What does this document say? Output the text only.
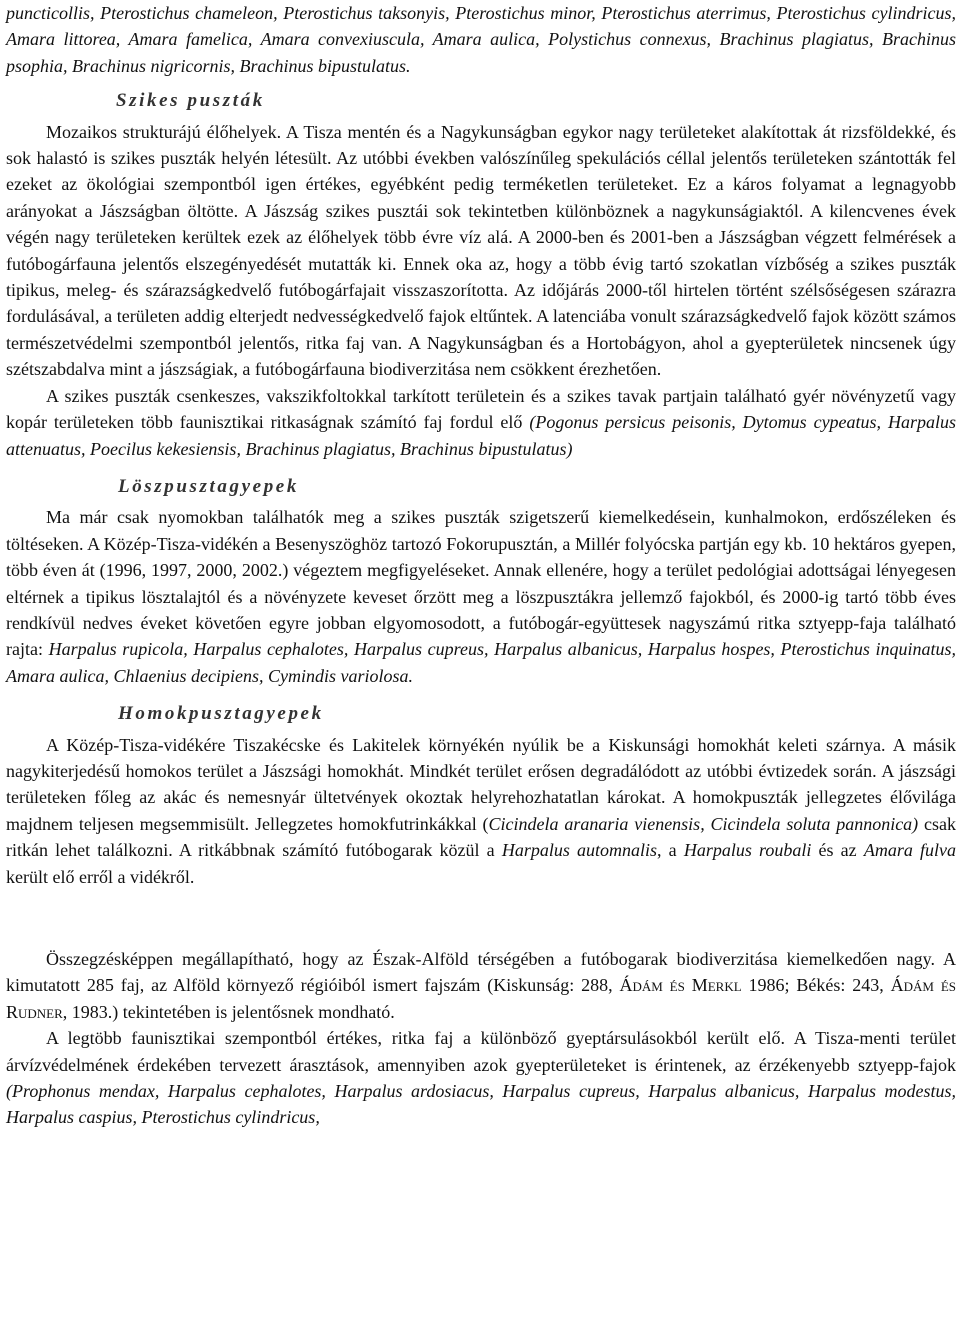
puncticollis, Pterostichus chameleon, Pterostichus taksonyis, Pterostichus minor, Pterostichus aterrimus, Pterostichus cylindricus, Amara littorea, Amara famelica, Amara convexiuscula, Amara aulica, Polystichus connexus, Brachinus plagiatus, Brachinus psophia, Brachinus nigricornis, Brachinus bipustulatus.

Szikes puszták

Mozaikos strukturájú élőhelyek. A Tisza mentén és a Nagykunságban egykor nagy területeket alakítottak át rizsföldekké, és sok halastó is szikes puszták helyén létesült. Az utóbbi években valószínűleg spekulációs céllal jelentős területeken szántották fel ezeket az ökológiai szempontból igen értékes, egyébként pedig terméketlen területeket. Ez a káros folyamat a legnagyobb arányokat a Jászságban öltötte. A Jászság szikes pusztái sok tekintetben különböznek a nagykunságiaktól. A kilencvenes évek végén nagy területeken kerültek ezek az élőhelyek több évre víz alá. A 2000-ben és 2001-ben a Jászságban végzett felmérések a futóbogárfauna jelentős elszegényedését mutatták ki. Ennek oka az, hogy a több évig tartó szokatlan vízbőség a szikes puszták tipikus, meleg- és szárazságkedvelő futóbogárfajait visszaszorította. Az időjárás 2000-től hirtelen történt szélsőségesen szárazra fordulásával, a területen addig elterjedt nedvességkedvelő fajok eltűntek. A latenciába vonult szárazságkedvelő fajok között számos természetvédelmi szempontból jelentős, ritka faj van. A Nagykunságban és a Hortobágyon, ahol a gyepterületek nincsenek úgy szétszabdalva mint a jászságiak, a futóbogárfauna biodiverzitása nem csökkent érezhetően.

A szikes puszták csenkeszes, vakszikfoltokkal tarkított területein és a szikes tavak partjain található gyér növényzetű vagy kopár területeken több faunisztikai ritkaságnak számító faj fordul elő (Pogonus persicus peisonis, Dytomus cypeatus, Harpalus attenuatus, Poecilus kekesiensis, Brachinus plagiatus, Brachinus bipustulatus)

Löszpusztagyepek

Ma már csak nyomokban találhatók meg a szikes puszták szigetszerű kiemelkedésein, kunhalmokon, erdőszéleken és töltéseken. A Közép-Tisza-vidékén a Besenyszöghöz tartozó Fokorupusztán, a Millér folyócska partján egy kb. 10 hektáros gyepen, több éven át (1996, 1997, 2000, 2002.) végeztem megfigyeléseket. Annak ellenére, hogy a terület pedológiai adottságai lényegesen eltérnek a tipikus lösztalajtól és a növényzete keveset őrzött meg a löszpusztákra jellemző fajokból, és 2000-ig tartó több éves rendkívül nedves éveket követően egyre jobban elgyomosodott, a futóbogár-együttesek nagyszámú ritka sztyepp-faja található rajta: Harpalus rupicola, Harpalus cephalotes, Harpalus cupreus, Harpalus albanicus, Harpalus hospes, Pterostichus inquinatus, Amara aulica, Chlaenius decipiens, Cymindis variolosa.

Homokpusztagyepek

A Közép-Tisza-vidékére Tiszakécske és Lakitelek környékén nyúlik be a Kiskunsági homokhát keleti szárnya. A másik nagykiterjedésű homokos terület a Jászsági homokhát. Mindkét terület erősen degradálódott az utóbbi évtizedek során. A jászsági területeken főleg az akác és nemesnyár ültetvények okoztak helyrehozhatatlan károkat. A homokpuszták jellegzetes élővilága majdnem teljesen megsemmisült. Jellegzetes homokfutrinkákkal (Cicindela aranaria vienensis, Cicindela soluta pannonica) csak ritkán lehet találkozni. A ritkábbnak számító futóbogarak közül a Harpalus automnalis, a Harpalus roubali és az Amara fulva került elő erről a vidékről.

Összegzésképpen megállapítható, hogy az Észak-Alföld térségében a futóbogarak biodiverzitása kiemelkedően nagy. A kimutatott 285 faj, az Alföld környező régióiból ismert fajszám (Kiskunság: 288, Ádám és Merkl 1986; Békés: 243, Ádám és Rudner, 1983.) tekintetében is jelentősnek mondható.

A legtöbb faunisztikai szempontból értékes, ritka faj a különböző gyeptársulásokból került elő. A Tisza-menti terület árvízvédelmének érdekében tervezett árasztások, amennyiben azok gyepterületeket is érintenek, az érzékenyebb sztyepp-fajok (Prophonus mendax, Harpalus cephalotes, Harpalus ardosiacus, Harpalus cupreus, Harpalus albanicus, Harpalus modestus, Harpalus caspius, Pterostichus cylindricus,
